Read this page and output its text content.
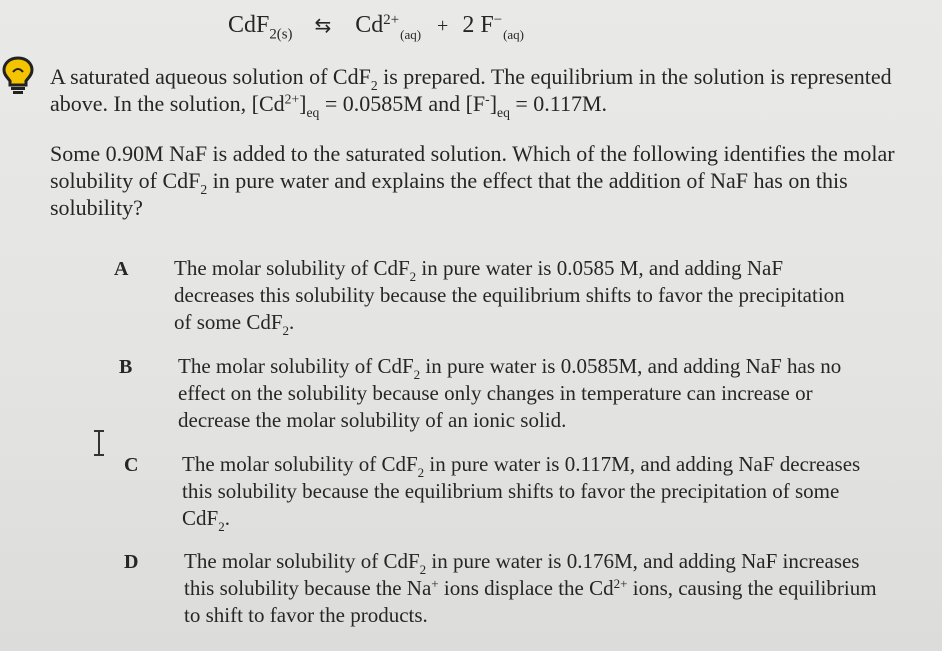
CdF$_{2(s)}$ ⇆ $Cd^{2+}_{(aq)} + 2$ $F^-_{(aq)}$
A saturated aqueous solution of CdF$_2$ is prepared. The equilibrium in the solution is represented above. In the solution, $[Cd^{2+}]_{eq} = 0.0585M$ and $[F^-]_{eq} = 0.117M$.
Some 0.90M NaF is added to the saturated solution. Which of the following identifies the molar solubility of CdF$_2$ in pure water and explains the effect that the addition of NaF has on this solubility?
A The molar solubility of CdF$_2$ in pure water is 0.0585 M, and adding NaF decreases this solubility because the equilibrium shifts to favor the precipitation of some CdF$_2$.
B The molar solubility of CdF$_2$ in pure water is 0.0585M, and adding NaF has no effect on the solubility because only changes in temperature can increase or decrease the molar solubility of an ionic solid.
C The molar solubility of CdF$_2$ in pure water is 0.117M, and adding NaF decreases this solubility because the equilibrium shifts to favor the precipitation of some CdF$_2$.
D The molar solubility of CdF$_2$ in pure water is 0.176M, and adding NaF increases this solubility because the Na+ ions displace the $Cd^{2+}$ ions, causing the equilibrium to shift to favor the products.
